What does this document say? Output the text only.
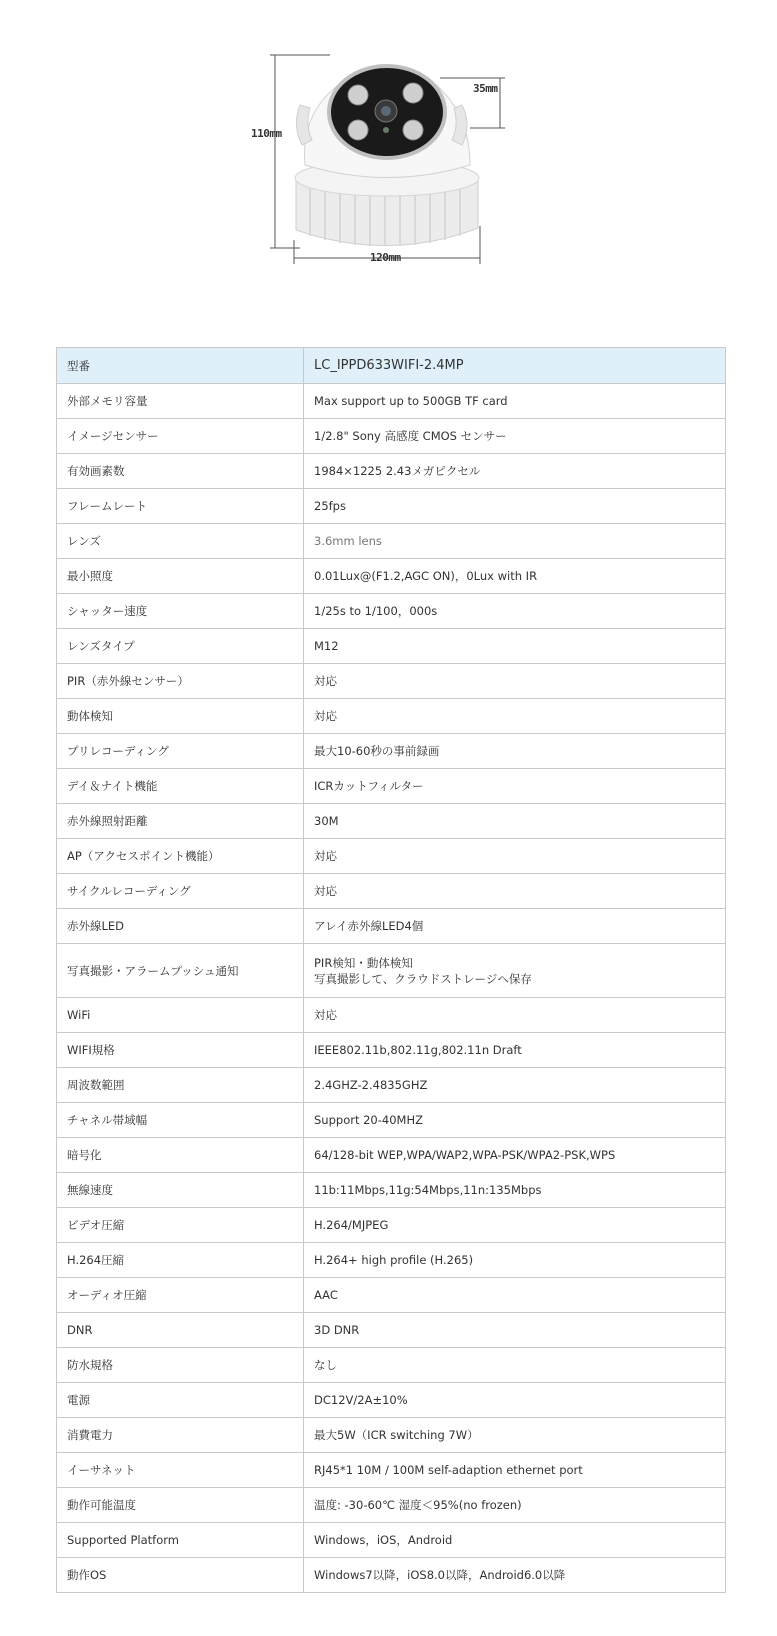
110mm
35mm
120mm
型番	LC_IPPD633WIFI-2.4MP
外部メモリ容量	Max support up to 500GB TF card
イメージセンサー	1/2.8" Sony 高感度 CMOS センサー
有効画素数	1984×1225 2.43メガピクセル
フレームレート	25fps
レンズ	3.6mm lens
最小照度	0.01Lux@(F1.2,AGC ON)，0Lux with IR
シャッター速度	1/25s to 1/100，000s
レンズタイプ	M12
PIR（赤外線センサー）	対応
動体検知	対応
プリレコーディング	最大10-60秒の事前録画
デイ＆ナイト機能	ICRカットフィルター
赤外線照射距離	30M
AP（アクセスポイント機能）	対応
サイクルレコーディング	対応
赤外線LED	アレイ赤外線LED4個
写真撮影・アラームプッシュ通知	PIR検知・動体検知
写真撮影して、クラウドストレージへ保存

WiFi	対応
WIFI規格	IEEE802.11b,802.11g,802.11n Draft
周波数範囲	2.4GHZ-2.4835GHZ
チャネル帯域幅	Support 20-40MHZ
暗号化	64/128-bit WEP,WPA/WAP2,WPA-PSK/WPA2-PSK,WPS
無線速度	11b:11Mbps,11g:54Mbps,11n:135Mbps
ビデオ圧縮	H.264/MJPEG
H.264圧縮	H.264+ high profile (H.265)
オーディオ圧縮	AAC
DNR	3D DNR
防水規格	なし
電源	DC12V/2A±10%
消費電力	最大5W（ICR switching 7W）
イーサネット	RJ45*1 10M / 100M self-adaption ethernet port
動作可能温度	温度: -30-60℃ 湿度＜95%(no frozen)
Supported Platform	Windows，iOS，Android
動作OS	Windows7以降，iOS8.0以降，Android6.0以降
